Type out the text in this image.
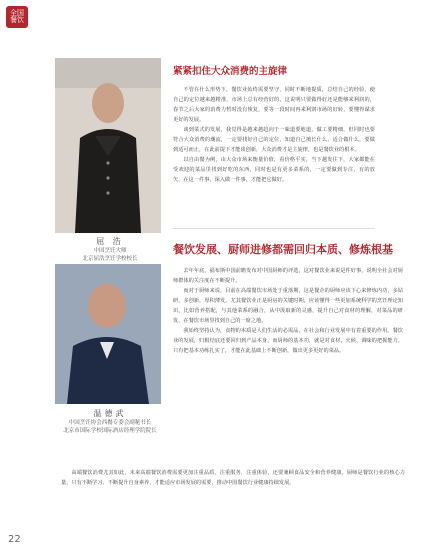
全国 餐饮
屈 浩
中国烹饪大师
北京屈浩烹饪学校校长
紧紧扣住大众消费的主旋律

不管在什么形势下，餐饮业始终需要坚守，同时不断地提质，总结自己的经验，使自己的定位越来越精准，市场上总有经营好的，这说明只要做得好还是能够来利润的，春节之后大家的消费力暂时没有恢复，要等一段时间再来利润市场的好转，要懂得谋求更好的发展。

谈到菜式的发展，我觉得是越来越趋向于一味道要地道，做工要精细，但同时也要符合大众消费的潮流，一定要找好自己的定位，知道自己擅长什么，适合做什么，要做到适可而止，在此前提下才能谈创新，大众消费才是主旋律，也是餐饮业的根本。

以自由餐为例，由大众市场来衡量价值，看价格平实，当下越发往下，大家都能在受欢迎的菜品里找到好吃的东西，同时也是有更多菜系的，一定要做到专注，有的放矢，在这一件事，深入做一件事，才能把它做好。

餐饮发展、厨师进修都需回归本质、修炼根基
温德武
中国烹饪协会西餐专委会副秘书长
北京市国际学校国际酒店经理学院院长

去年年底，福布斯中国前瞻发布对中国厨师的评选，这对餐饮业来说是件好事，说明全社会对厨师群体的关注度在不断提升。

而对于厨师来说，目前在高端餐饮市场处于重落期，这是餐企的厨师应该下心来修炼内功，多钻研、多创新，厚积薄发。尤其餐饮业正是厨房的关键时期，应该懂得一些更加系统科学的烹饪理论知识，比如营养搭配，与其他菜系的融合，从中汲取新的灵感，提升自己对食材的理解，对菜品的研发，在餐饮市场里找到自己的一席之地。

我始终坚持认为，食物的本质是人们生活的必需品，在社会和行业发展中有着重要的作用。餐饮业的发展，归根结底还要回归到产品本身，而厨师的基本功，就是对食材、火候、调味的把握能力。只有把基本功练扎实了，才能在此基础上不断创新，做出更多更好的菜品。

高端餐饮消费尤其如此，未来高端餐饮消费需要更加注重品质，注重服务，注重体验，还要兼顾食品安全和营养健康。厨师是餐饮行业的核心力量，只有不断学习、不断提升自身素养，才能适应市场发展的需要，推动中国餐饮行业健康持续发展。

22
